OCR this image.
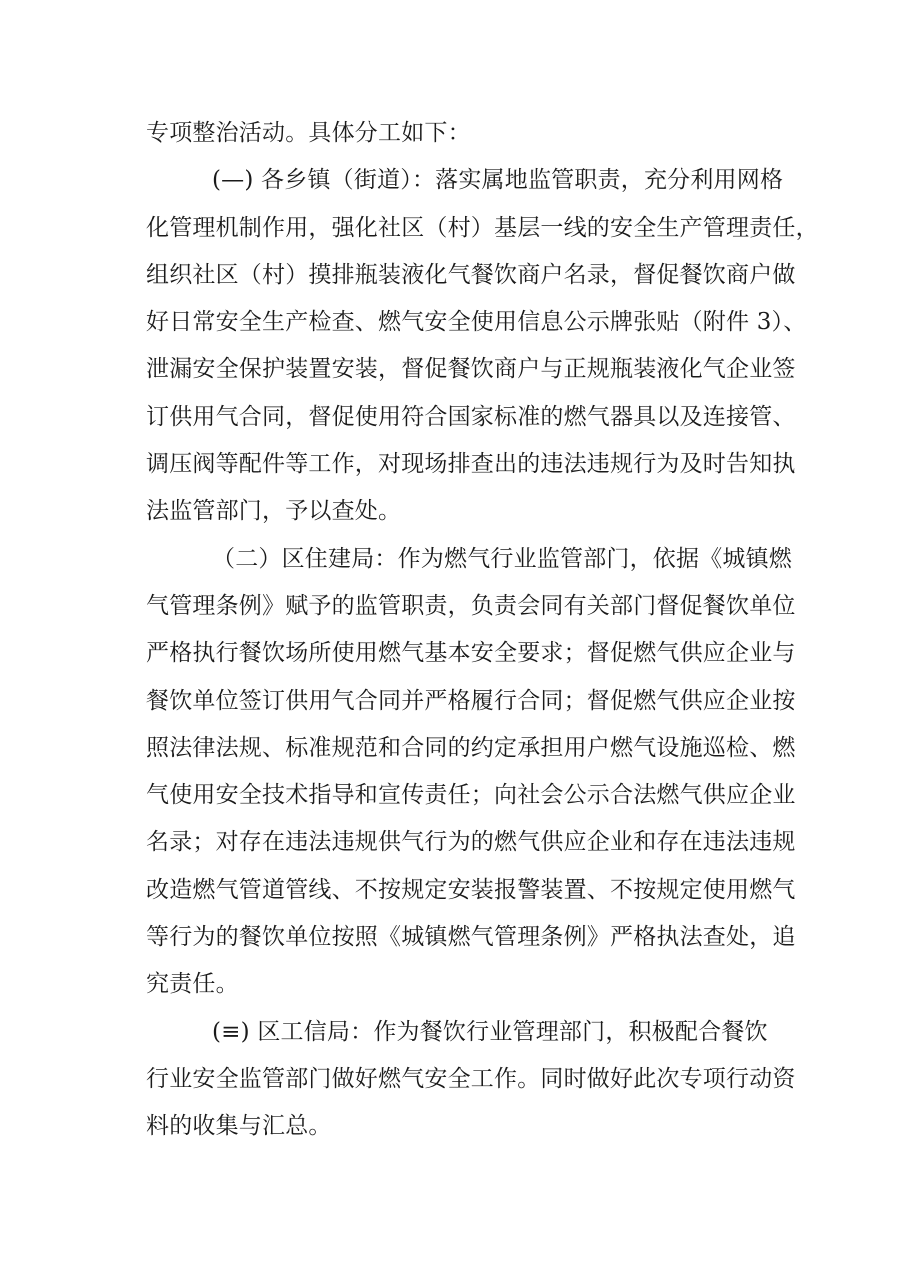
专项整治活动。具体分工如下：
(—) 各乡镇（街道）：落实属地监管职责，充分利用网格
化管理机制作用，强化社区（村）基层一线的安全生产管理责任，
组织社区（村）摸排瓶装液化气餐饮商户名录，督促餐饮商户做
好日常安全生产检查、燃气安全使用信息公示牌张贴（附件 3）、
泄漏安全保护装置安装，督促餐饮商户与正规瓶装液化气企业签
订供用气合同，督促使用符合国家标准的燃气器具以及连接管、
调压阀等配件等工作，对现场排查出的违法违规行为及时告知执
法监管部门，予以查处。
（二）区住建局：作为燃气行业监管部门，依据《城镇燃
气管理条例》赋予的监管职责，负责会同有关部门督促餐饮单位
严格执行餐饮场所使用燃气基本安全要求；督促燃气供应企业与
餐饮单位签订供用气合同并严格履行合同；督促燃气供应企业按
照法律法规、标准规范和合同的约定承担用户燃气设施巡检、燃
气使用安全技术指导和宣传责任；向社会公示合法燃气供应企业
名录；对存在违法违规供气行为的燃气供应企业和存在违法违规
改造燃气管道管线、不按规定安装报警装置、不按规定使用燃气
等行为的餐饮单位按照《城镇燃气管理条例》严格执法查处，追
究责任。
(≡) 区工信局：作为餐饮行业管理部门，积极配合餐饮
行业安全监管部门做好燃气安全工作。同时做好此次专项行动资
料的收集与汇总。
